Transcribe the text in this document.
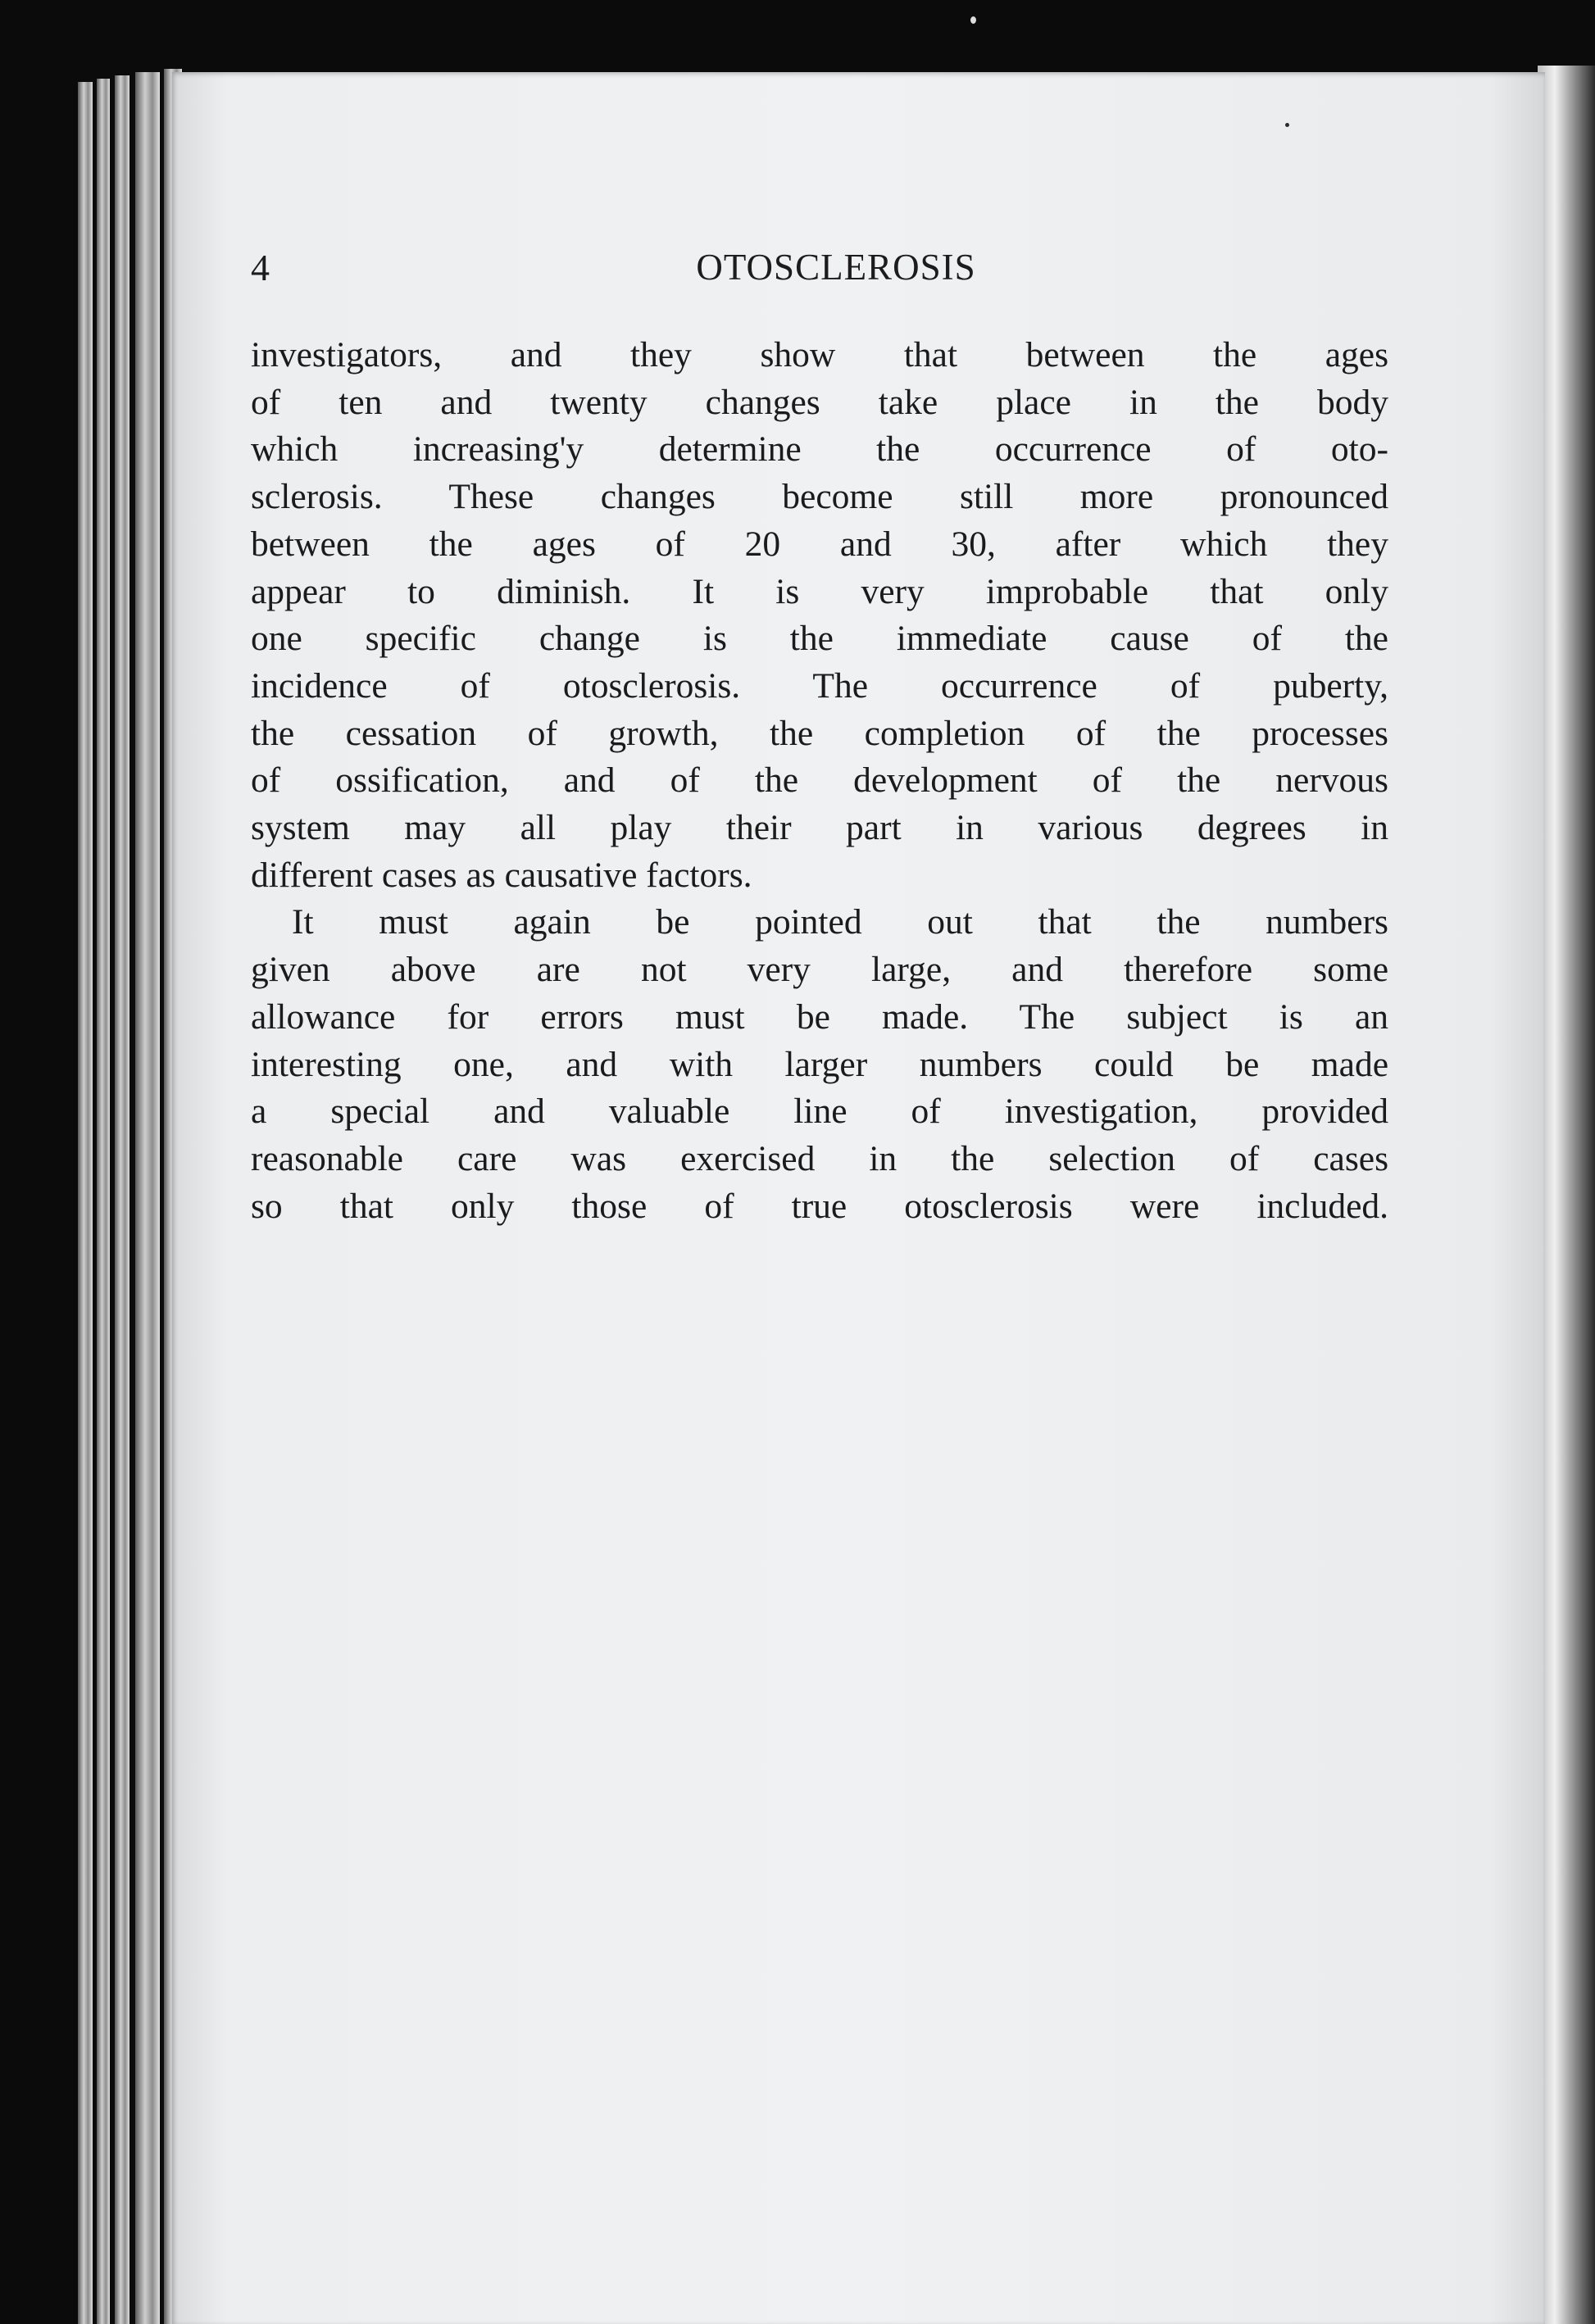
4	OTOSCLEROSIS
investigators, and they show that between the ages
of ten and twenty changes take place in the body
which increasing'y determine the occurrence of oto-
sclerosis. These changes become still more pronounced
between the ages of 20 and 30, after which they
appear to diminish. It is very improbable that only
one specific change is the immediate cause of the
incidence of otosclerosis. The occurrence of puberty,
the cessation of growth, the completion of the processes
of ossification, and of the development of the nervous
system may all play their part in various degrees in
different cases as causative factors.
It must again be pointed out that the numbers
given above are not very large, and therefore some
allowance for errors must be made. The subject is an
interesting one, and with larger numbers could be made
a special and valuable line of investigation, provided
reasonable care was exercised in the selection of cases
so that only those of true otosclerosis were included.
